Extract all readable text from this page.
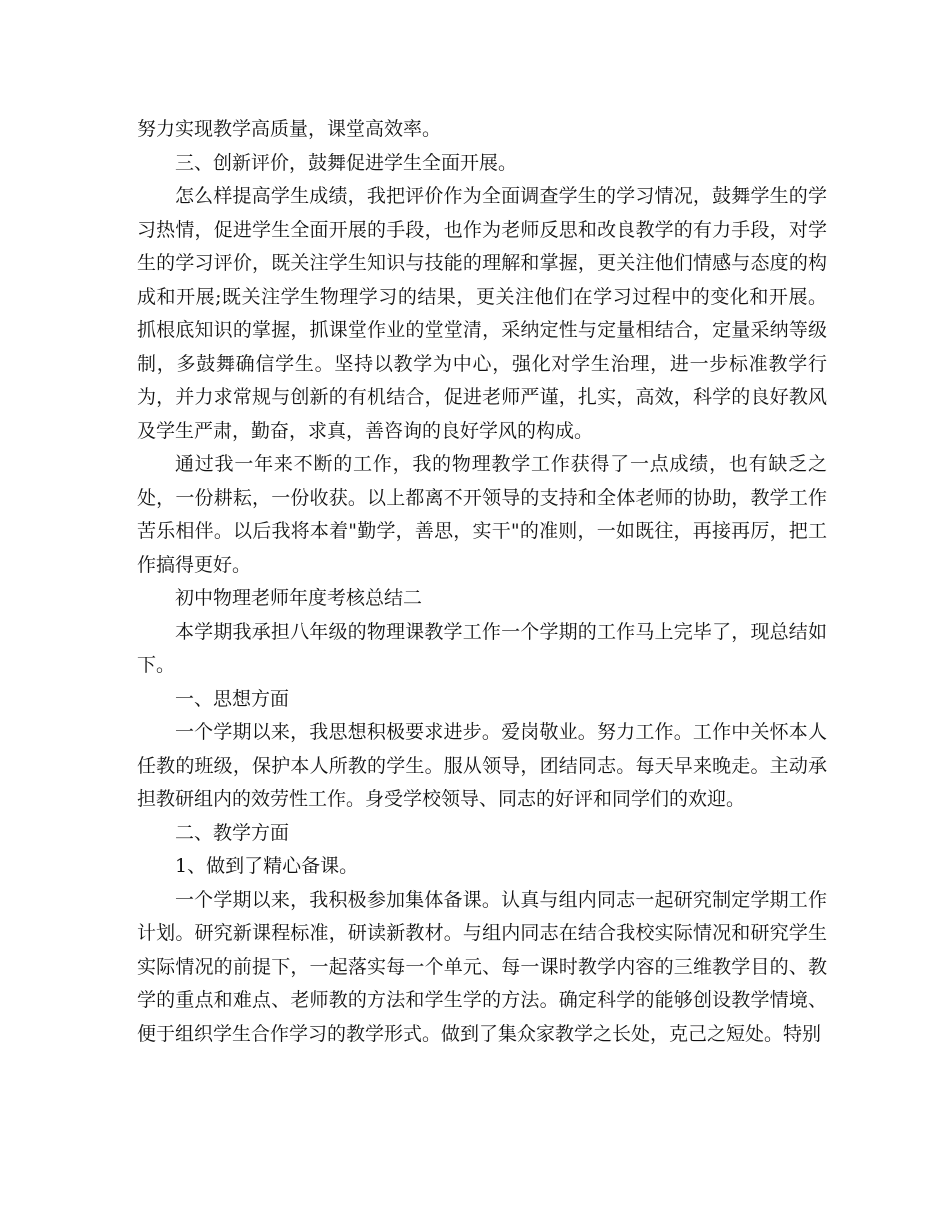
努力实现教学高质量，课堂高效率。

三、创新评价，鼓舞促进学生全面开展。

怎么样提高学生成绩，我把评价作为全面调查学生的学习情况，鼓舞学生的学习热情，促进学生全面开展的手段，也作为老师反思和改良教学的有力手段，对学生的学习评价，既关注学生知识与技能的理解和掌握，更关注他们情感与态度的构成和开展;既关注学生物理学习的结果，更关注他们在学习过程中的变化和开展。抓根底知识的掌握，抓课堂作业的堂堂清，采纳定性与定量相结合，定量采纳等级制，多鼓舞确信学生。坚持以教学为中心，强化对学生治理，进一步标准教学行为，并力求常规与创新的有机结合，促进老师严谨，扎实，高效，科学的良好教风及学生严肃，勤奋，求真，善咨询的良好学风的构成。

通过我一年来不断的工作，我的物理教学工作获得了一点成绩，也有缺乏之处，一份耕耘，一份收获。以上都离不开领导的支持和全体老师的协助，教学工作苦乐相伴。以后我将本着"勤学，善思，实干"的准则，一如既往，再接再厉，把工作搞得更好。

初中物理老师年度考核总结二

本学期我承担八年级的物理课教学工作一个学期的工作马上完毕了，现总结如下。

一、思想方面

一个学期以来，我思想积极要求进步。爱岗敬业。努力工作。工作中关怀本人任教的班级，保护本人所教的学生。服从领导，团结同志。每天早来晚走。主动承担教研组内的效劳性工作。身受学校领导、同志的好评和同学们的欢迎。

二、教学方面

1、做到了精心备课。

一个学期以来，我积极参加集体备课。认真与组内同志一起研究制定学期工作计划。研究新课程标准，研读新教材。与组内同志在结合我校实际情况和研究学生实际情况的前提下，一起落实每一个单元、每一课时教学内容的三维教学目的、教学的重点和难点、老师教的方法和学生学的方法。确定科学的能够创设教学情境、便于组织学生合作学习的教学形式。做到了集众家教学之长处，克己之短处。特别
